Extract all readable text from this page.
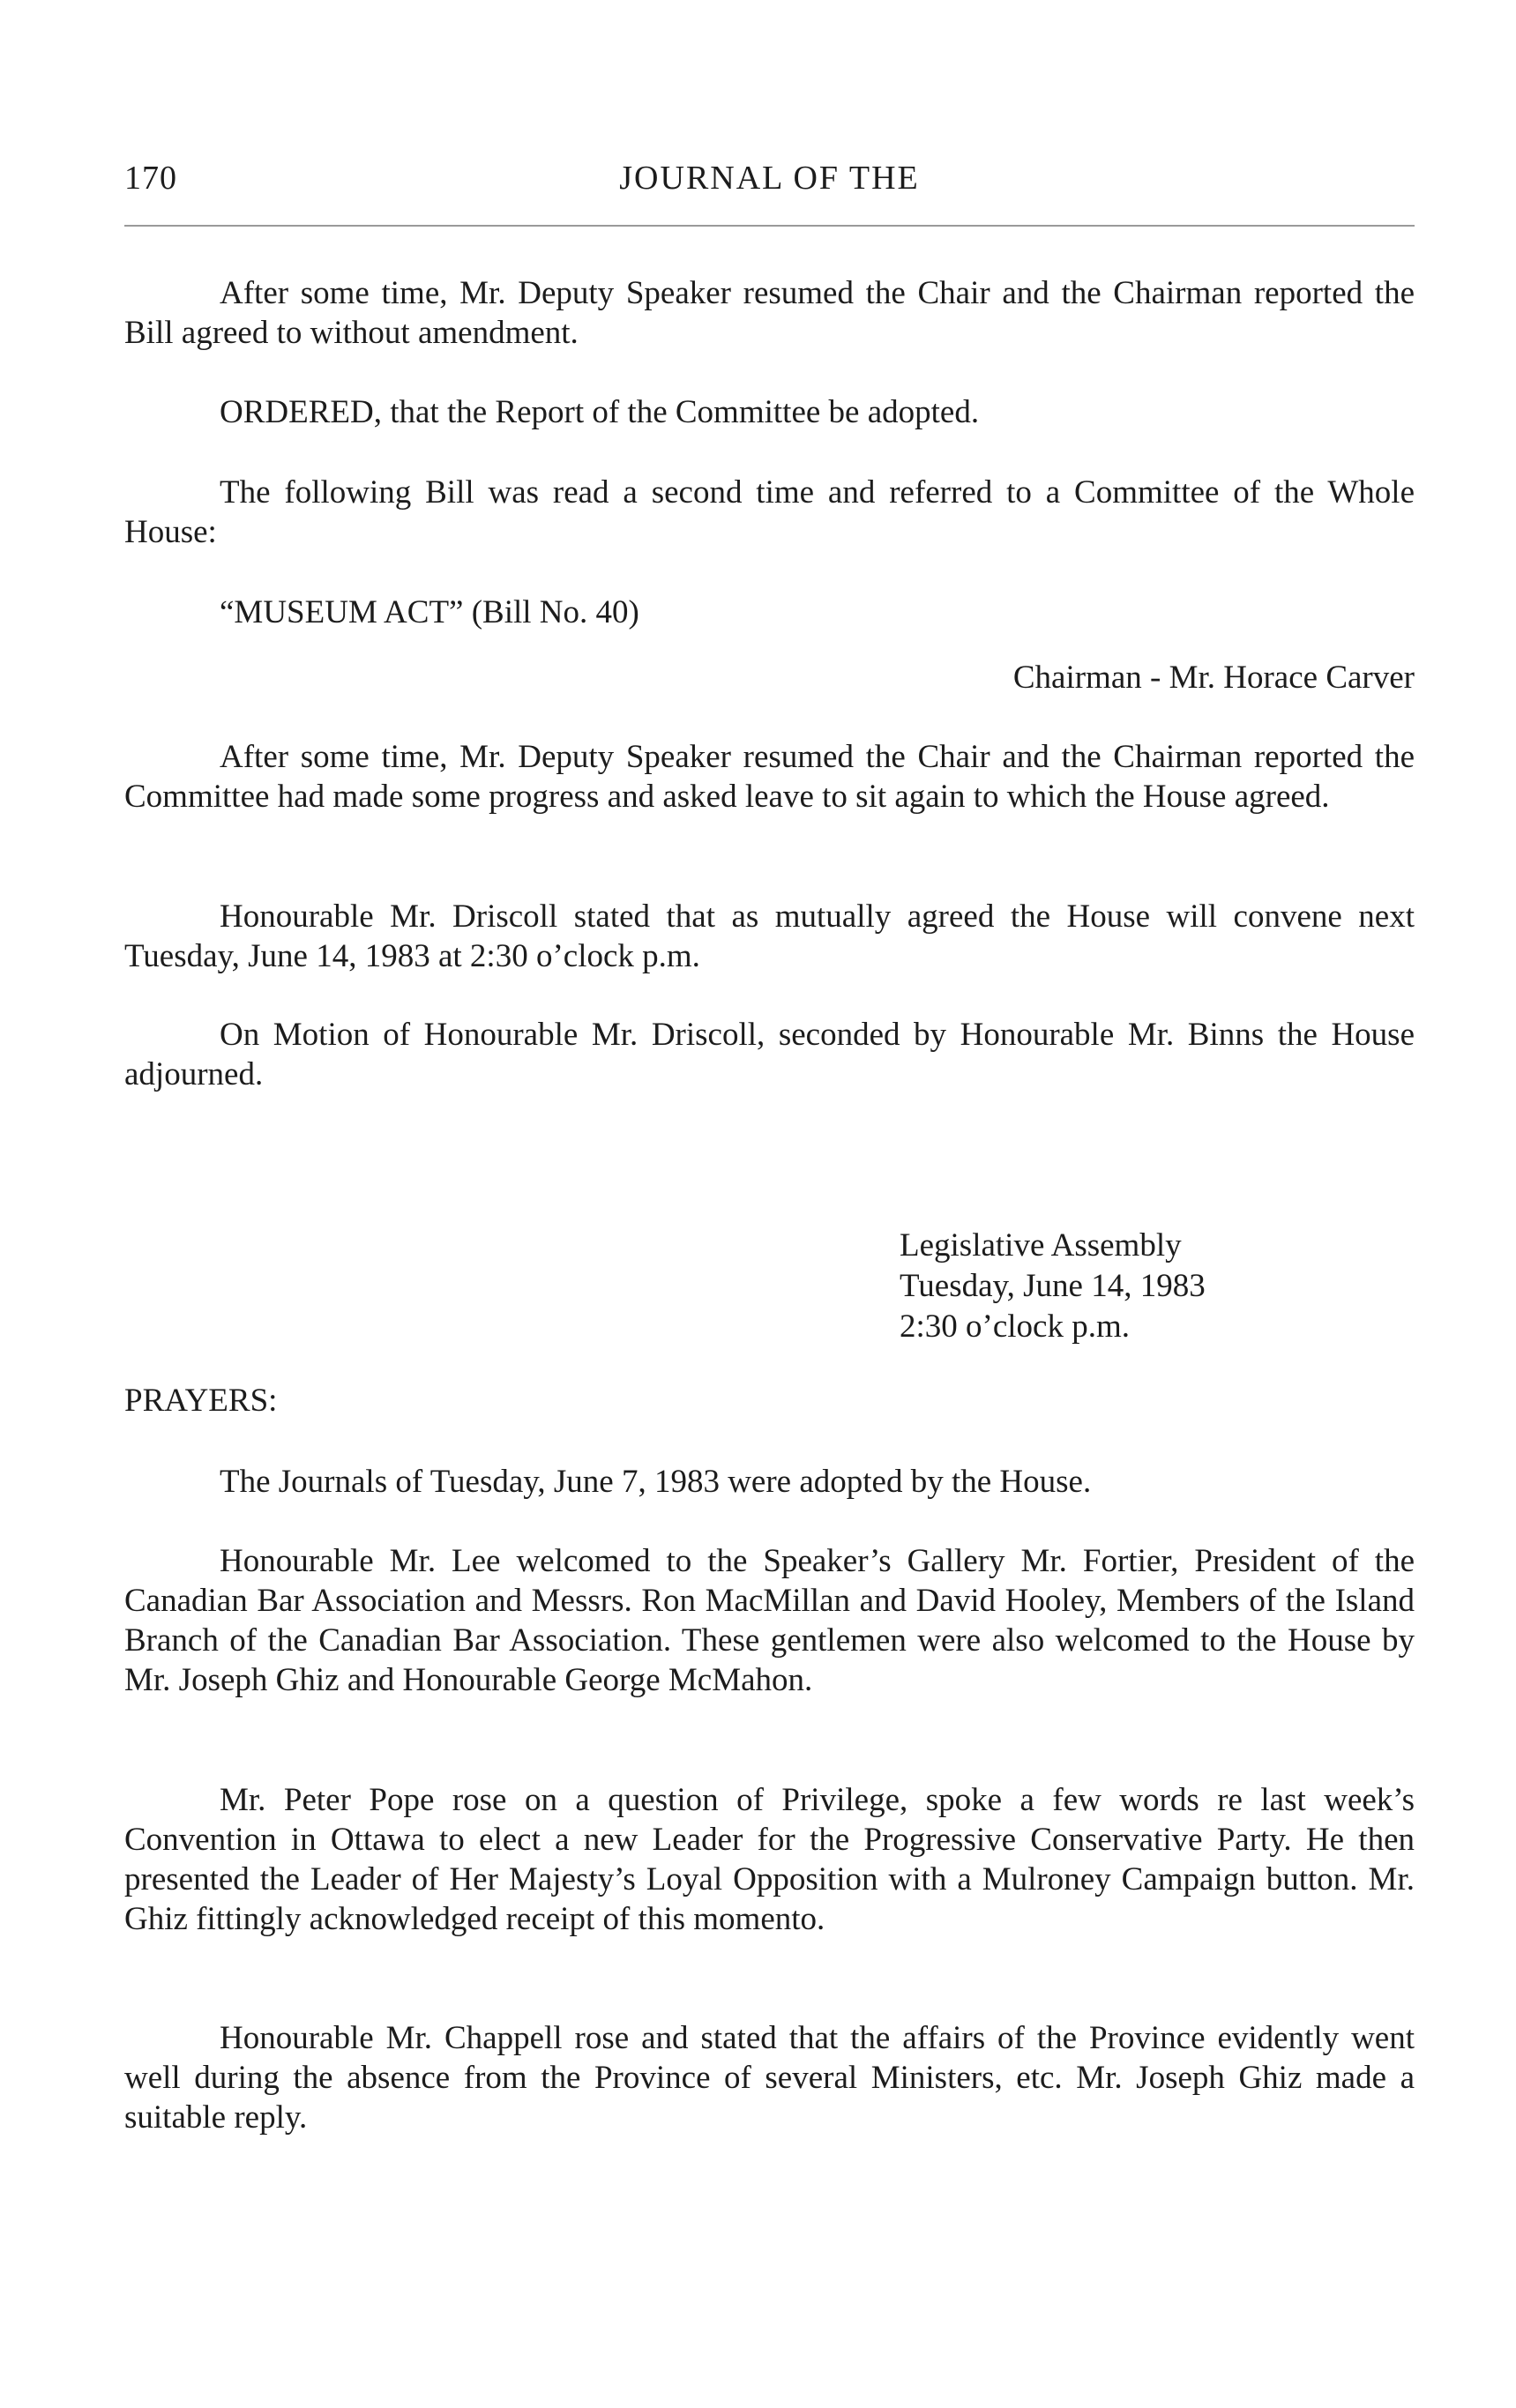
170	JOURNAL OF THE

After some time, Mr. Deputy Speaker resumed the Chair and the Chairman reported the Bill agreed to without amendment.

ORDERED, that the Report of the Committee be adopted.

The following Bill was read a second time and referred to a Committee of the Whole House:

“MUSEUM ACT” (Bill No. 40)
Chairman - Mr. Horace Carver

After some time, Mr. Deputy Speaker resumed the Chair and the Chairman reported the Committee had made some progress and asked leave to sit again to which the House agreed.

Honourable Mr. Driscoll stated that as mutually agreed the House will convene next Tuesday, June 14, 1983 at 2:30 o’clock p.m.

On Motion of Honourable Mr. Driscoll, seconded by Honourable Mr. Binns the House adjourned.

Legislative Assembly
Tuesday, June 14, 1983
2:30 o’clock p.m.
PRAYERS:

The Journals of Tuesday, June 7, 1983 were adopted by the House.

Honourable Mr. Lee welcomed to the Speaker’s Gallery Mr. Fortier, President of the Canadian Bar Association and Messrs. Ron MacMillan and David Hooley, Members of the Island Branch of the Canadian Bar Association. These gentlemen were also welcomed to the House by Mr. Joseph Ghiz and Honourable George McMahon.

Mr. Peter Pope rose on a question of Privilege, spoke a few words re last week’s Convention in Ottawa to elect a new Leader for the Progressive Conservative Party. He then presented the Leader of Her Majesty’s Loyal Opposition with a Mulroney Campaign button. Mr. Ghiz fittingly acknowledged receipt of this momento.

Honourable Mr. Chappell rose and stated that the affairs of the Province evidently went well during the absence from the Province of several Ministers, etc. Mr. Joseph Ghiz made a suitable reply.
